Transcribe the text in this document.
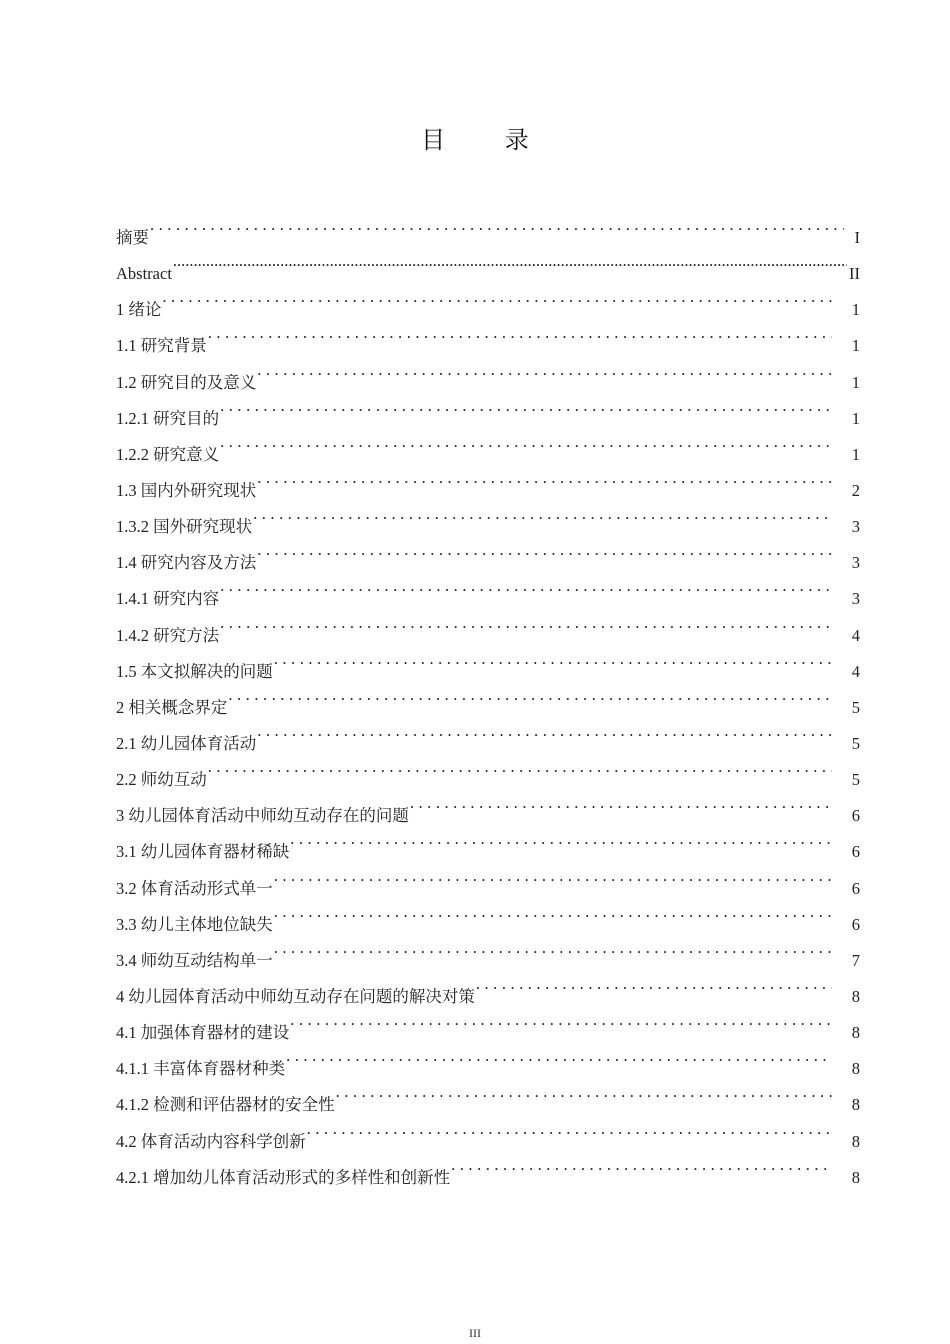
目 录
摘要 . . .	I
Abstract .....	II
1 绪论 . . .	1
1.1 研究背景 . . .	1
1.2 研究目的及意义 . . .	1
1.2.1 研究目的 . . .	1
1.2.2 研究意义 . . .	1
1.3 国内外研究现状 . . .	2
1.3.2 国外研究现状 . . .	3
1.4 研究内容及方法 . . .	3
1.4.1 研究内容 . . .	3
1.4.2 研究方法 . . .	4
1.5 本文拟解决的问题 . . .	4
2 相关概念界定 . . .	5
2.1 幼儿园体育活动 . . .	5
2.2 师幼互动 . . .	5
3 幼儿园体育活动中师幼互动存在的问题 . . .	6
3.1 幼儿园体育器材稀缺 . . .	6
3.2 体育活动形式单一 . . .	6
3.3 幼儿主体地位缺失 . . .	6
3.4 师幼互动结构单一 . . .	7
4 幼儿园体育活动中师幼互动存在问题的解决对策 . . .	8
4.1 加强体育器材的建设 . . .	8
4.1.1 丰富体育器材种类 . . .	8
4.1.2 检测和评估器材的安全性 . . .	8
4.2 体育活动内容科学创新 . . .	8
4.2.1 增加幼儿体育活动形式的多样性和创新性 . . .	8
III
